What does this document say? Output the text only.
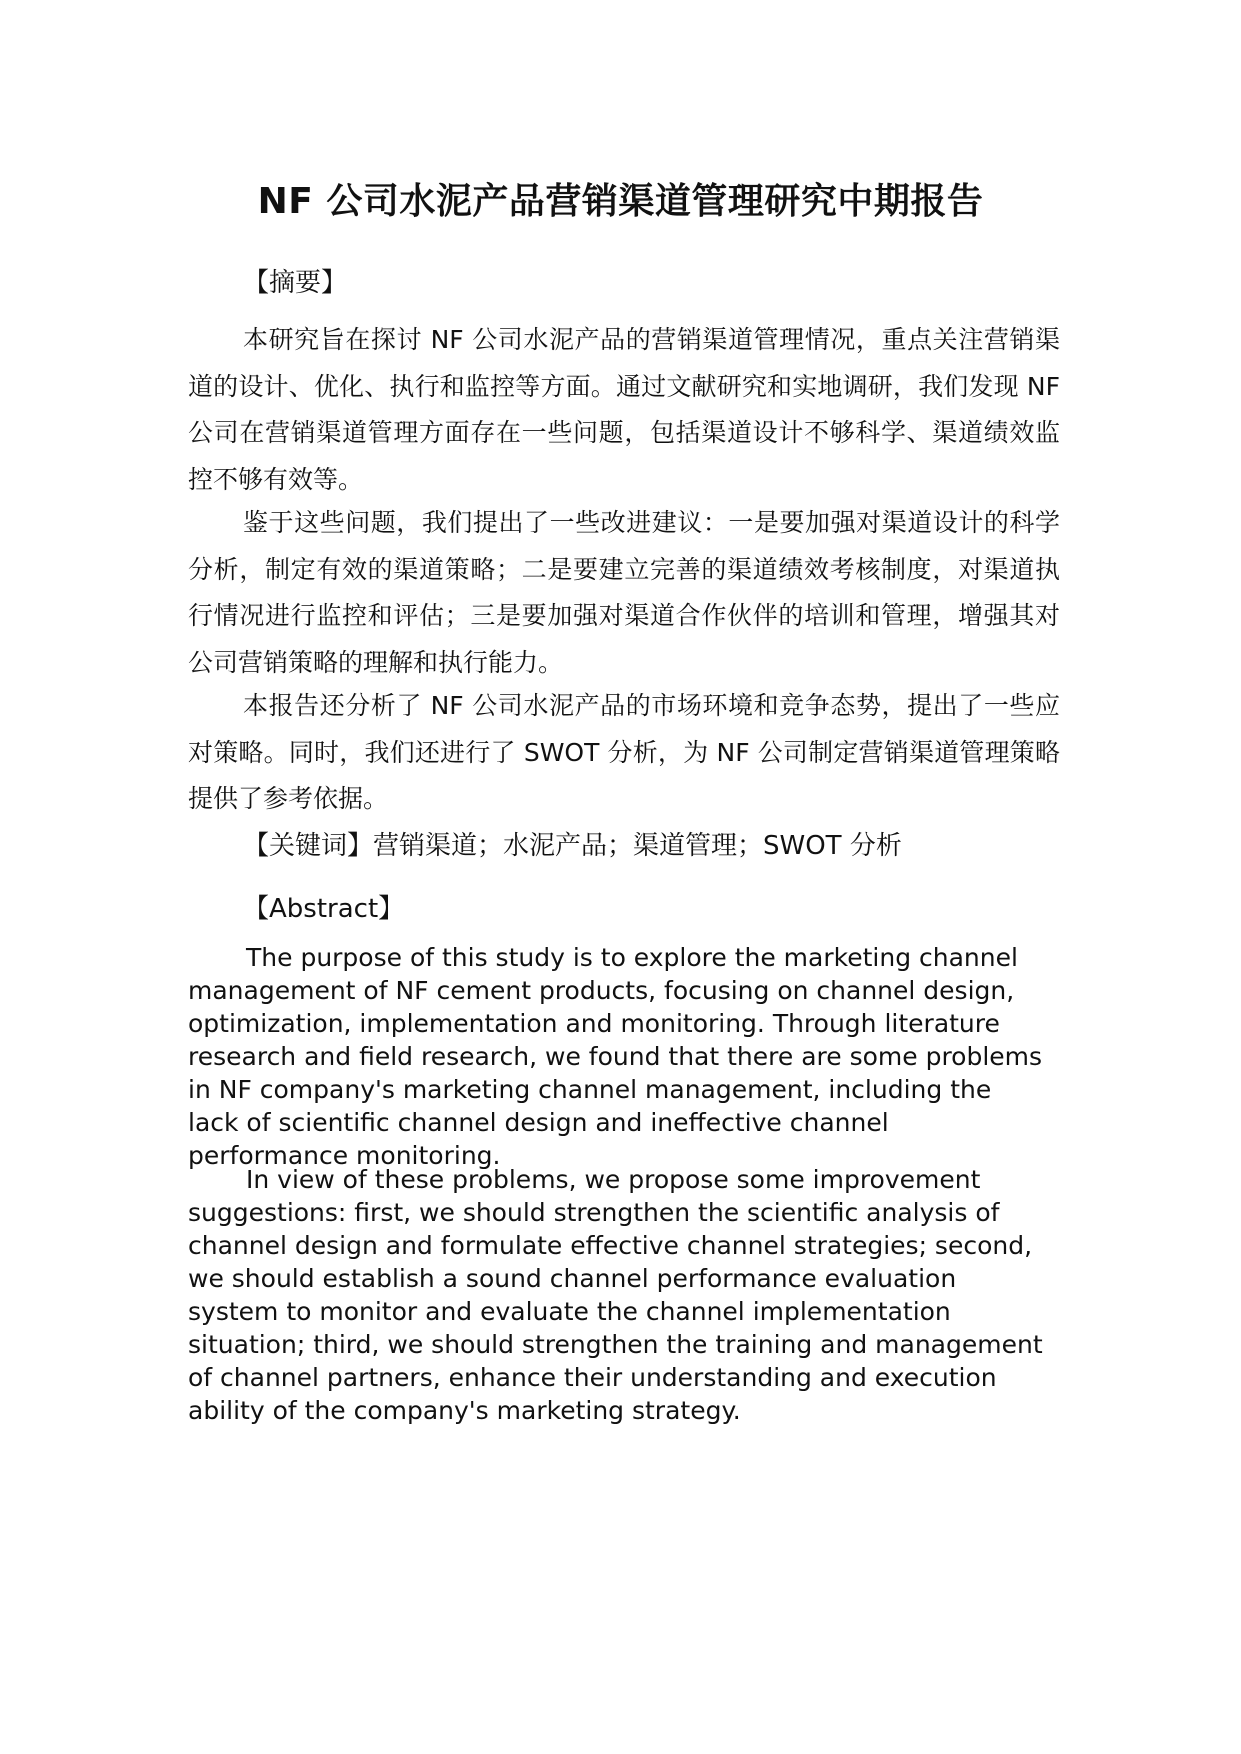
NF 公司水泥产品营销渠道管理研究中期报告

【摘要】

本研究旨在探讨 NF 公司水泥产品的营销渠道管理情况，重点关注营销渠道的设计、优化、执行和监控等方面。通过文献研究和实地调研，我们发现 NF 公司在营销渠道管理方面存在一些问题，包括渠道设计不够科学、渠道绩效监控不够有效等。

鉴于这些问题，我们提出了一些改进建议：一是要加强对渠道设计的科学分析，制定有效的渠道策略；二是要建立完善的渠道绩效考核制度，对渠道执行情况进行监控和评估；三是要加强对渠道合作伙伴的培训和管理，增强其对公司营销策略的理解和执行能力。

本报告还分析了 NF 公司水泥产品的市场环境和竞争态势，提出了一些应对策略。同时，我们还进行了 SWOT 分析，为 NF 公司制定营销渠道管理策略提供了参考依据。

【关键词】营销渠道；水泥产品；渠道管理；SWOT 分析

【Abstract】

The purpose of this study is to explore the marketing channel management of NF cement products, focusing on channel design, optimization, implementation and monitoring. Through literature research and field research, we found that there are some problems in NF company's marketing channel management, including the lack of scientific channel design and ineffective channel performance monitoring.

In view of these problems, we propose some improvement suggestions: first, we should strengthen the scientific analysis of channel design and formulate effective channel strategies; second, we should establish a sound channel performance evaluation system to monitor and evaluate the channel implementation situation; third, we should strengthen the training and management of channel partners, enhance their understanding and execution ability of the company's marketing strategy.
